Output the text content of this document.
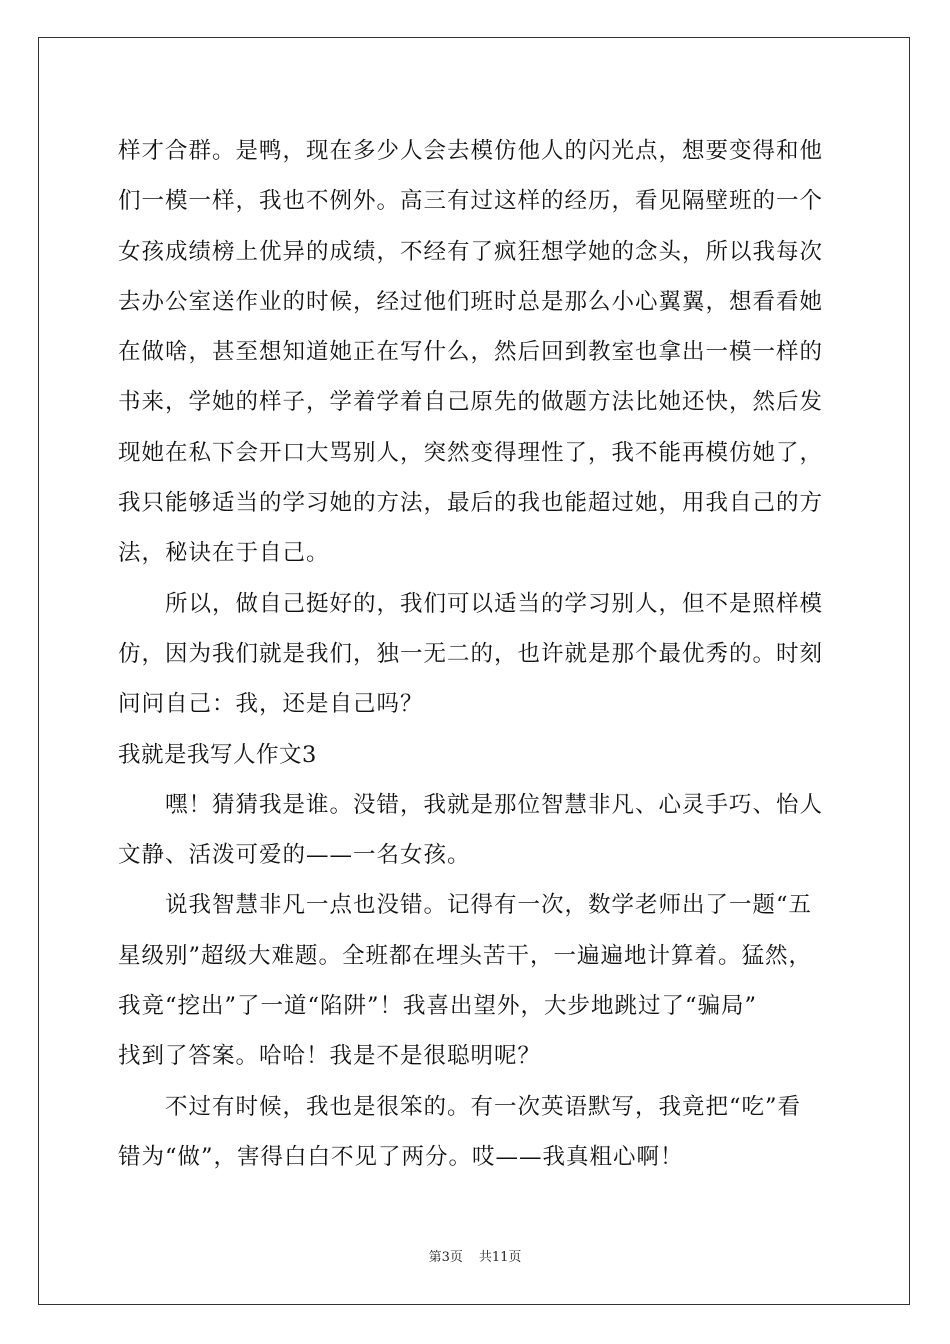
样才合群。是鸭，现在多少人会去模仿他人的闪光点，想要变得和他
们一模一样，我也不例外。高三有过这样的经历，看见隔壁班的一个
女孩成绩榜上优异的成绩，不经有了疯狂想学她的念头，所以我每次
去办公室送作业的时候，经过他们班时总是那么小心翼翼，想看看她
在做啥，甚至想知道她正在写什么，然后回到教室也拿出一模一样的
书来，学她的样子，学着学着自己原先的做题方法比她还快，然后发
现她在私下会开口大骂别人，突然变得理性了，我不能再模仿她了，
我只能够适当的学习她的方法，最后的我也能超过她，用我自己的方
法，秘诀在于自己。
所以，做自己挺好的，我们可以适当的学习别人，但不是照样模
仿，因为我们就是我们，独一无二的，也许就是那个最优秀的。时刻
问问自己：我，还是自己吗？
我就是我写人作文3
嘿！猜猜我是谁。没错，我就是那位智慧非凡、心灵手巧、怡人
文静、活泼可爱的——一名女孩。
说我智慧非凡一点也没错。记得有一次，数学老师出了一题“五
星级别”超级大难题。全班都在埋头苦干，一遍遍地计算着。猛然，
我竟“挖出”了一道“陷阱”！我喜出望外，大步地跳过了“骗局”
找到了答案。哈哈！我是不是很聪明呢？
不过有时候，我也是很笨的。有一次英语默写，我竟把“吃”看
错为“做”，害得白白不见了两分。哎——我真粗心啊！
第3页 共11页
